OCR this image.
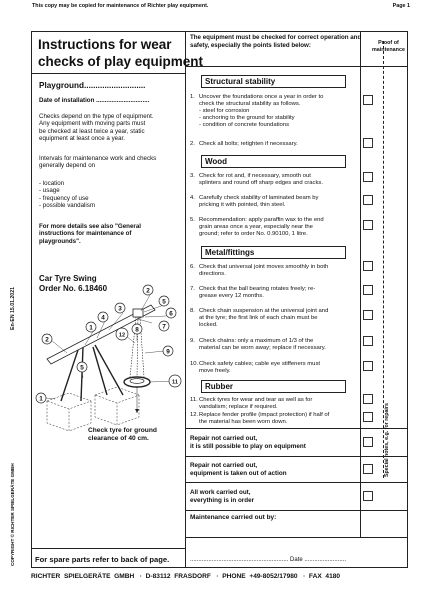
This copy may be copied for maintenance of Richter play equipment.	Page 1
En-EN 15.01.2021
COPYRIGHT © RICHTER SPIELGERÄTE GMBH
Instructions for wear
checks of play equipment
The equipment must be checked for correct operation and safety, especially the points listed below:	Proof of maintenance
Playground...........................
Date of installation ...............................
Checks depend on the type of equipment.
Any equipment with moving parts must
be checked at least twice a year, static
equipment at least once a year.
Intervals for maintenance work and checks
generally depend on
- location
- usage
- frequency of use
- possible vandalism
For more details see also "General
instructions for maintenance of
playgrounds".
Car Tyre Swing
Order No. 6.18460	2
5
6
7
3
4
1	8
12
2
9
5
11
1
Check tyre for ground
clearance of 40 cm.
For spare parts refer to back of page.
Structural stability
Wood
Metal/fittings
Rubber
1. Uncover the foundations once a year in order to
check the structural stability as follows.
- steel for corrosion
- anchoring to the ground for stability
- condition of concrete foundations
2. Check all bolts; retighten if necessary.
3. Check for rot and, if necessary, smooth out
splinters and round off sharp edges and cracks.
4. Carefully check stability of laminated beam by
pricking it with pointed, thin steel.
5. Recommendation: apply paraffin wax to the end
grain areas once a year, especially near the
ground; refer to order No. 0.90100, 1 litre.
6. Check that universal joint moves smoothly in both
directions.
7. Check that the ball bearing rotates freely; re-
grease every 12 months.
8. Check chain suspension at the universal joint and
at the tyre; the first link of each chain must be
locked.
9. Check chains: only a maximum of 1/3 of the
material can be worn away; replace if necessary.
10. Check safety cables; cable eye stiffeners must
move freely.
11. Check tyres for wear and tear as well as for
vandalism; replace if required.
12. Replace fender profile (impact protection) if half of
the material has been worn down.	Special notes, e.g. for repairs
Repair not carried out,
it is still possible to play on equipment
Repair not carried out,
equipment is taken out of action
All work carried out,
everything is in order
Maintenance carried out by:
........................................................... Date .........................
RICHTER  SPIELGERÄTE  GMBH   ·  D-83112  FRASDORF   ·  PHONE  +49-8052/17980   ·  FAX  4180
